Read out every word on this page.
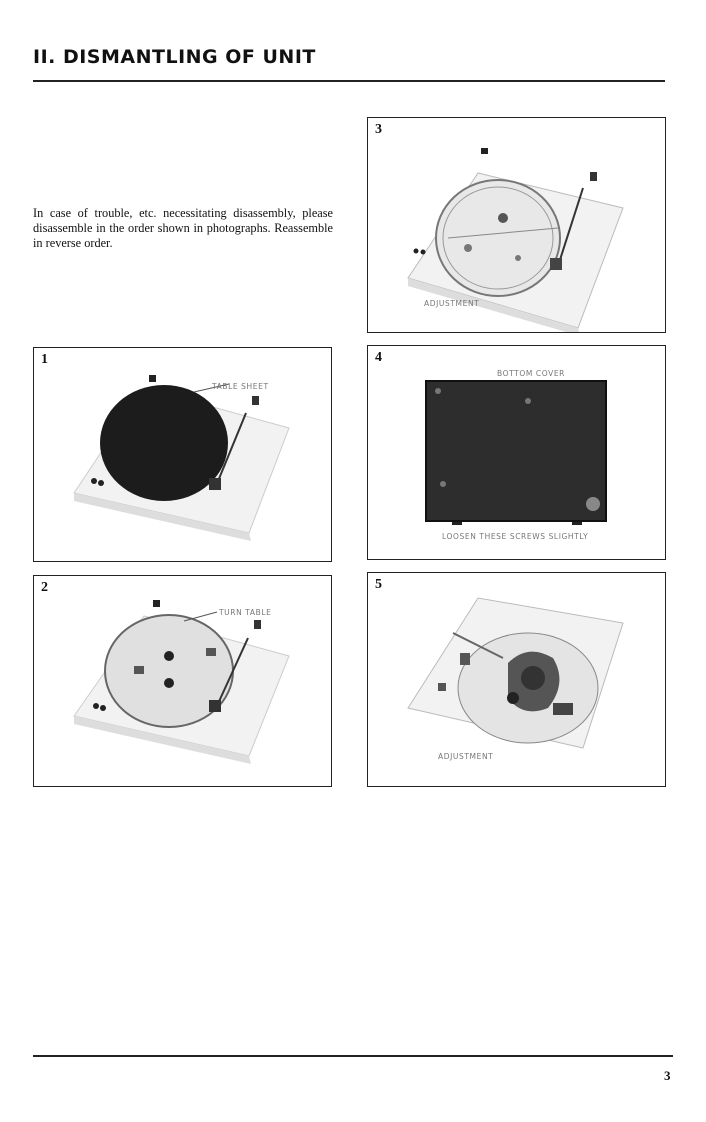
II. DISMANTLING OF UNIT

In case of trouble, etc. necessitating disassembly, please disassemble in the order shown in photographs. Reassemble in reverse order.

3
ADJUSTMENT
1
TABLE SHEET
4
BOTTOM COVER
LOOSEN THESE SCREWS SLIGHTLY
2
TURN TABLE
5
ADJUSTMENT
3
